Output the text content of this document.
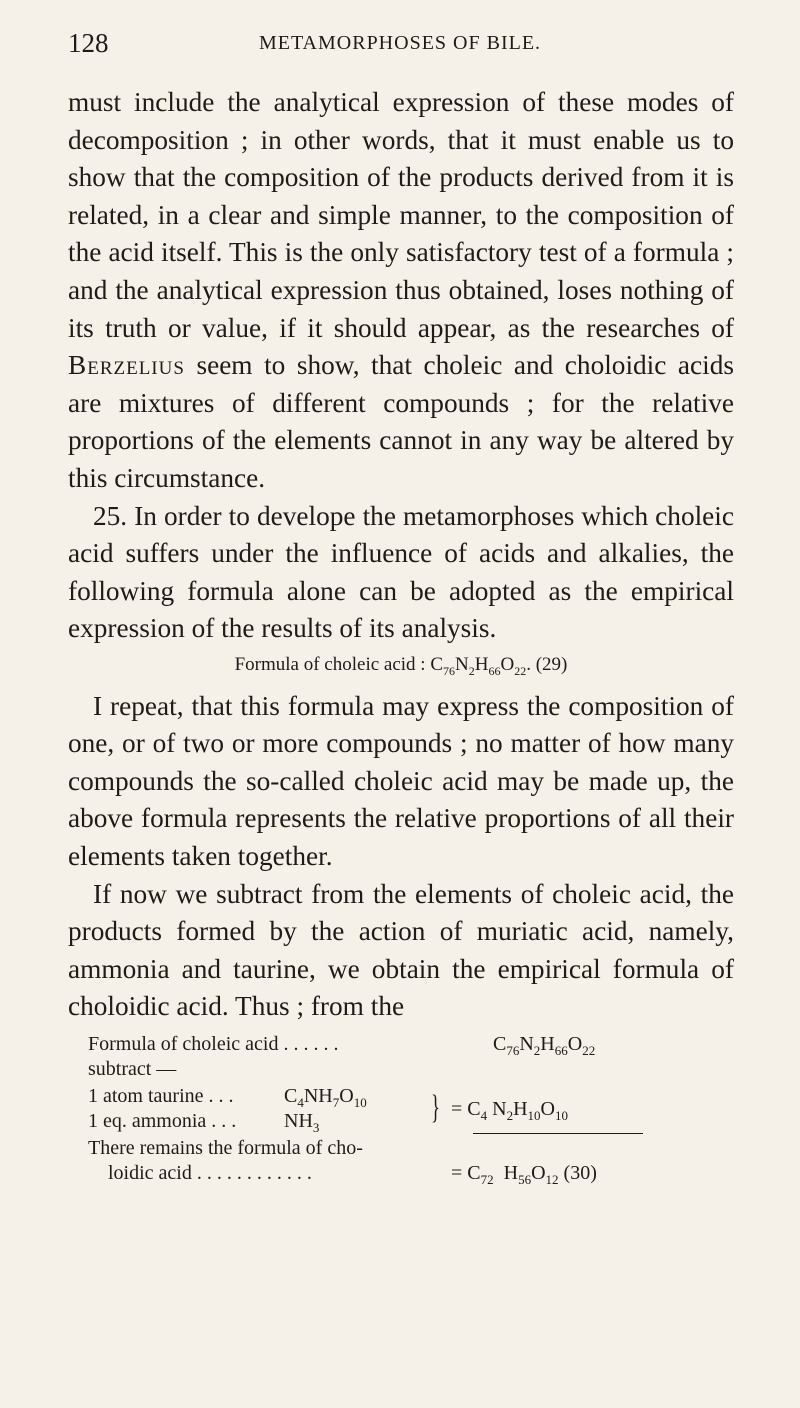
128	METAMORPHOSES OF BILE.

must include the analytical expression of these modes of decomposition ; in other words, that it must enable us to show that the composition of the products derived from it is related, in a clear and simple manner, to the composition of the acid itself. This is the only satisfactory test of a formula ; and the analytical expression thus obtained, loses nothing of its truth or value, if it should appear, as the researches of Berzelius seem to show, that choleic and choloidic acids are mixtures of different compounds ; for the relative proportions of the elements cannot in any way be altered by this circumstance.

25. In order to develope the metamorphoses which choleic acid suffers under the influence of acids and alkalies, the following formula alone can be adopted as the empirical expression of the results of its analysis.

Formula of choleic acid : $C_{76}N_2H_{66}O_{22}$. (29)

I repeat, that this formula may express the composition of one, or of two or more compounds ; no matter of how many compounds the so-called choleic acid may be made up, the above formula represents the relative proportions of all their elements taken together.

If now we subtract from the elements of choleic acid, the products formed by the action of muriatic acid, namely, ammonia and taurine, we obtain the empirical formula of choloidic acid. Thus ; from the

Formula of choleic acid . . . . . .	$C_{76}N_2H_{66}O_{22}$
subtract —
1 atom taurine . . .	$C_4NH_7O_{10}$
1 eq. ammonia . . . $NH_3$
} = $C_4$ $N_2H_{10}O_{10}$
There remains the formula of cho-
loidic acid . . . . . . . . . . . .	= $C_{72}$  $H_{56}O_{12}$ (30)
